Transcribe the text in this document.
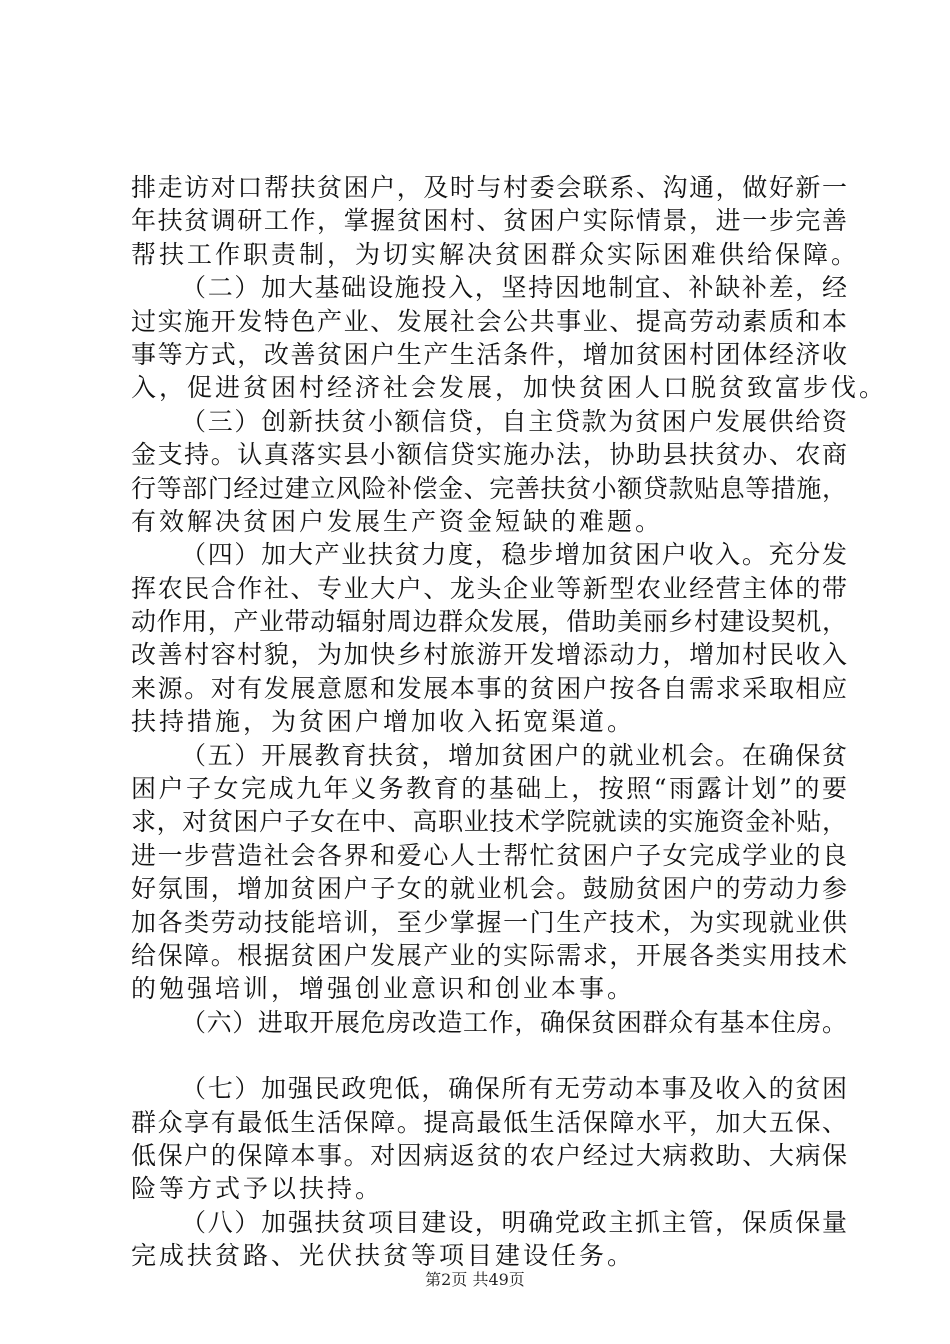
排走访对口帮扶贫困户，及时与村委会联系、沟通，做好新一
年扶贫调研工作，掌握贫困村、贫困户实际情景，进一步完善
帮扶工作职责制，为切实解决贫困群众实际困难供给保障。
（二）加大基础设施投入，坚持因地制宜、补缺补差，经
过实施开发特色产业、发展社会公共事业、提高劳动素质和本
事等方式，改善贫困户生产生活条件，增加贫困村团体经济收
入，促进贫困村经济社会发展，加快贫困人口脱贫致富步伐。
（三）创新扶贫小额信贷，自主贷款为贫困户发展供给资
金支持。认真落实县小额信贷实施办法，协助县扶贫办、农商
行等部门经过建立风险补偿金、完善扶贫小额贷款贴息等措施，
有效解决贫困户发展生产资金短缺的难题。
（四）加大产业扶贫力度，稳步增加贫困户收入。充分发
挥农民合作社、专业大户、龙头企业等新型农业经营主体的带
动作用，产业带动辐射周边群众发展，借助美丽乡村建设契机，
改善村容村貌，为加快乡村旅游开发增添动力，增加村民收入
来源。对有发展意愿和发展本事的贫困户按各自需求采取相应
扶持措施，为贫困户增加收入拓宽渠道。
（五）开展教育扶贫，增加贫困户的就业机会。在确保贫
困户子女完成九年义务教育的基础上，按照“雨露计划”的要
求，对贫困户子女在中、高职业技术学院就读的实施资金补贴，
进一步营造社会各界和爱心人士帮忙贫困户子女完成学业的良
好氛围，增加贫困户子女的就业机会。鼓励贫困户的劳动力参
加各类劳动技能培训，至少掌握一门生产技术，为实现就业供
给保障。根据贫困户发展产业的实际需求，开展各类实用技术
的勉强培训，增强创业意识和创业本事。
（六）进取开展危房改造工作，确保贫困群众有基本住房。
（七）加强民政兜低，确保所有无劳动本事及收入的贫困
群众享有最低生活保障。提高最低生活保障水平，加大五保、
低保户的保障本事。对因病返贫的农户经过大病救助、大病保
险等方式予以扶持。
（八）加强扶贫项目建设，明确党政主抓主管，保质保量
完成扶贫路、光伏扶贫等项目建设任务。
第2页 共49页
